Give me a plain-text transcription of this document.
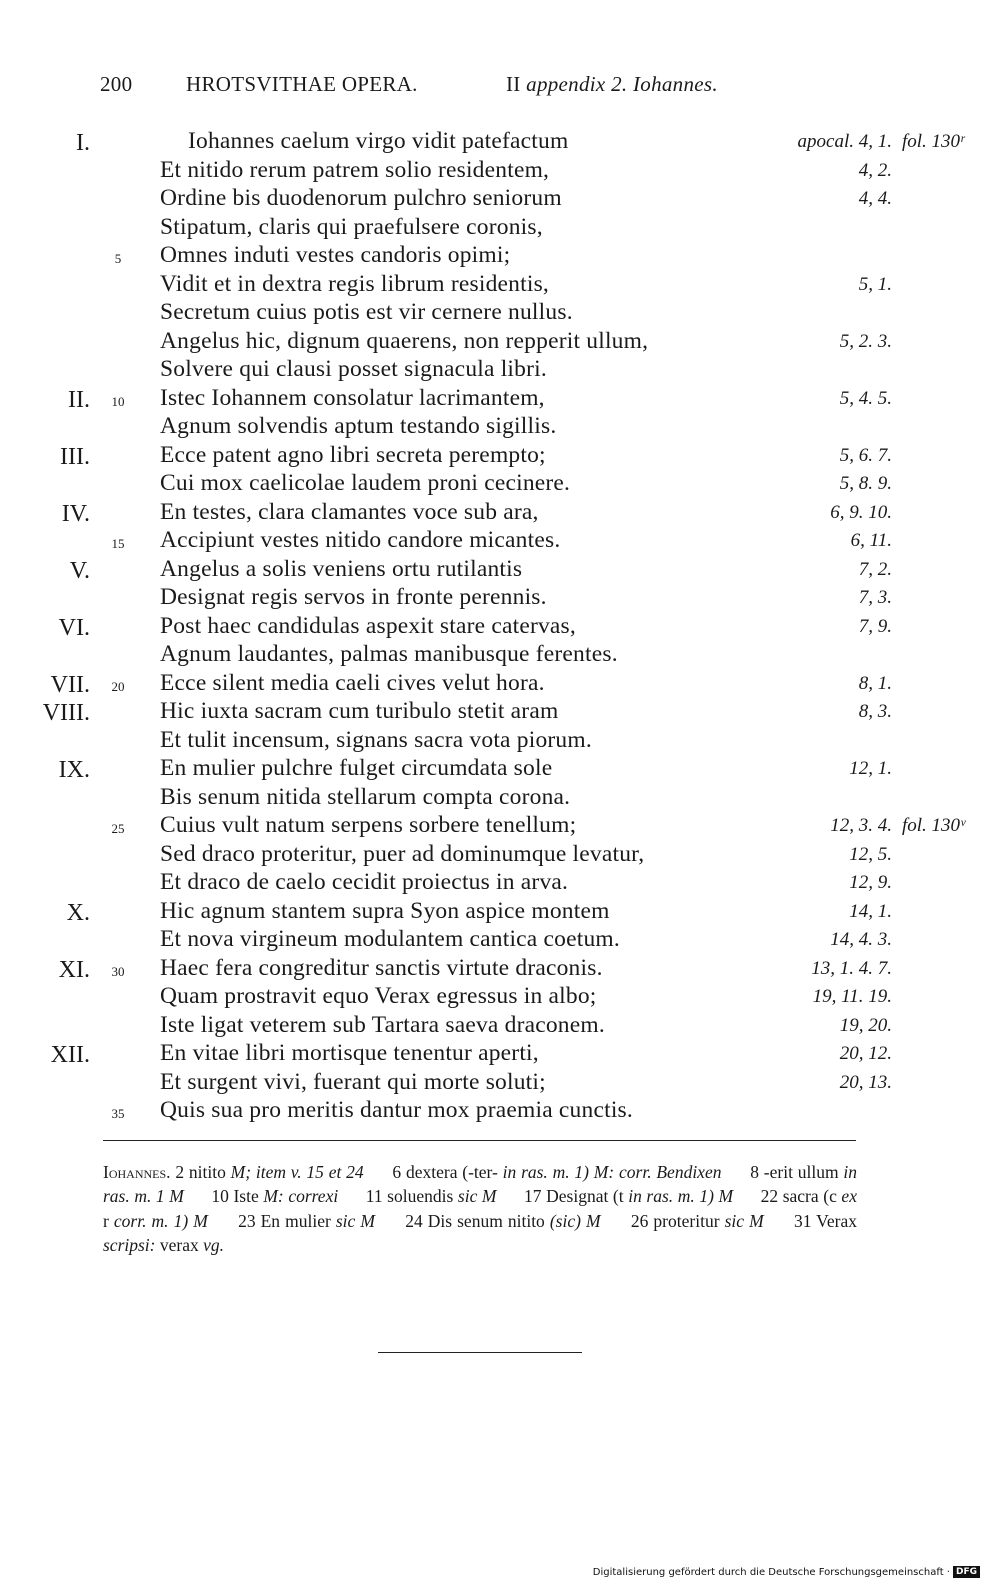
200	HROTSVITHAE OPERA.	II appendix 2. Iohannes.
I.	Iohannes caelum virgo vidit patefactum	apocal. 4, 1. fol. 130ʳ
Et nitido rerum patrem solio residentem,	4, 2.
Ordine bis duodenorum pulchro seniorum	4, 4.
Stipatum, claris qui praefulsere coronis,
5	Omnes induti vestes candoris opimi;
Vidit et in dextra regis librum residentis,	5, 1.
Secretum cuius potis est vir cernere nullus.
Angelus hic, dignum quaerens, non repperit ullum,	5, 2. 3.
Solvere qui clausi posset signacula libri.
II.	10	Istec Iohannem consolatur lacrimantem,	5, 4. 5.
Agnum solvendis aptum testando sigillis.
III.	Ecce patent agno libri secreta perempto;	5, 6. 7.
Cui mox caelicolae laudem proni cecinere.	5, 8. 9.
IV.	En testes, clara clamantes voce sub ara,	6, 9. 10.
15	Accipiunt vestes nitido candore micantes.	6, 11.
V.	Angelus a solis veniens ortu rutilantis	7, 2.
Designat regis servos in fronte perennis.	7, 3.
VI.	Post haec candidulas aspexit stare catervas,	7, 9.
Agnum laudantes, palmas manibusque ferentes.
VII.	20	Ecce silent media caeli cives velut hora.	8, 1.
VIII.	Hic iuxta sacram cum turibulo stetit aram	8, 3.
Et tulit incensum, signans sacra vota piorum.
IX.	En mulier pulchre fulget circumdata sole	12, 1.
Bis senum nitida stellarum compta corona.
25	Cuius vult natum serpens sorbere tenellum;	12, 3. 4. fol. 130ᵛ
Sed draco proteritur, puer ad dominumque levatur,	12, 5.
Et draco de caelo cecidit proiectus in arva.	12, 9.
X.	Hic agnum stantem supra Syon aspice montem	14, 1.
Et nova virgineum modulantem cantica coetum.	14, 4. 3.
XI.	30	Haec fera congreditur sanctis virtute draconis.	13, 1. 4. 7.
Quam prostravit equo Verax egressus in albo;	19, 11. 19.
Iste ligat veterem sub Tartara saeva draconem.	19, 20.
XII.	En vitae libri mortisque tenentur aperti,	20, 12.
Et surgent vivi, fuerant qui morte soluti;	20, 13.
35	Quis sua pro meritis dantur mox praemia cunctis.
Iohannes. 2 nitito M; item v. 15 et 24      6 dextera (-ter- in ras. m. 1) M: corr. Bendixen      8 -erit ullum in ras. m. 1 M      10 Iste M: correxi      11 soluendis sic M      17 Designat (t in ras. m. 1) M      22 sacra (c ex r corr. m. 1) M      23 En mulier sic M      24 Dis senum nitito (sic) M      26 proteritur sic M      31 Verax scripsi: verax vg.
Digitalisierung gefördert durch die Deutsche Forschungsgemeinschaft · DFG
